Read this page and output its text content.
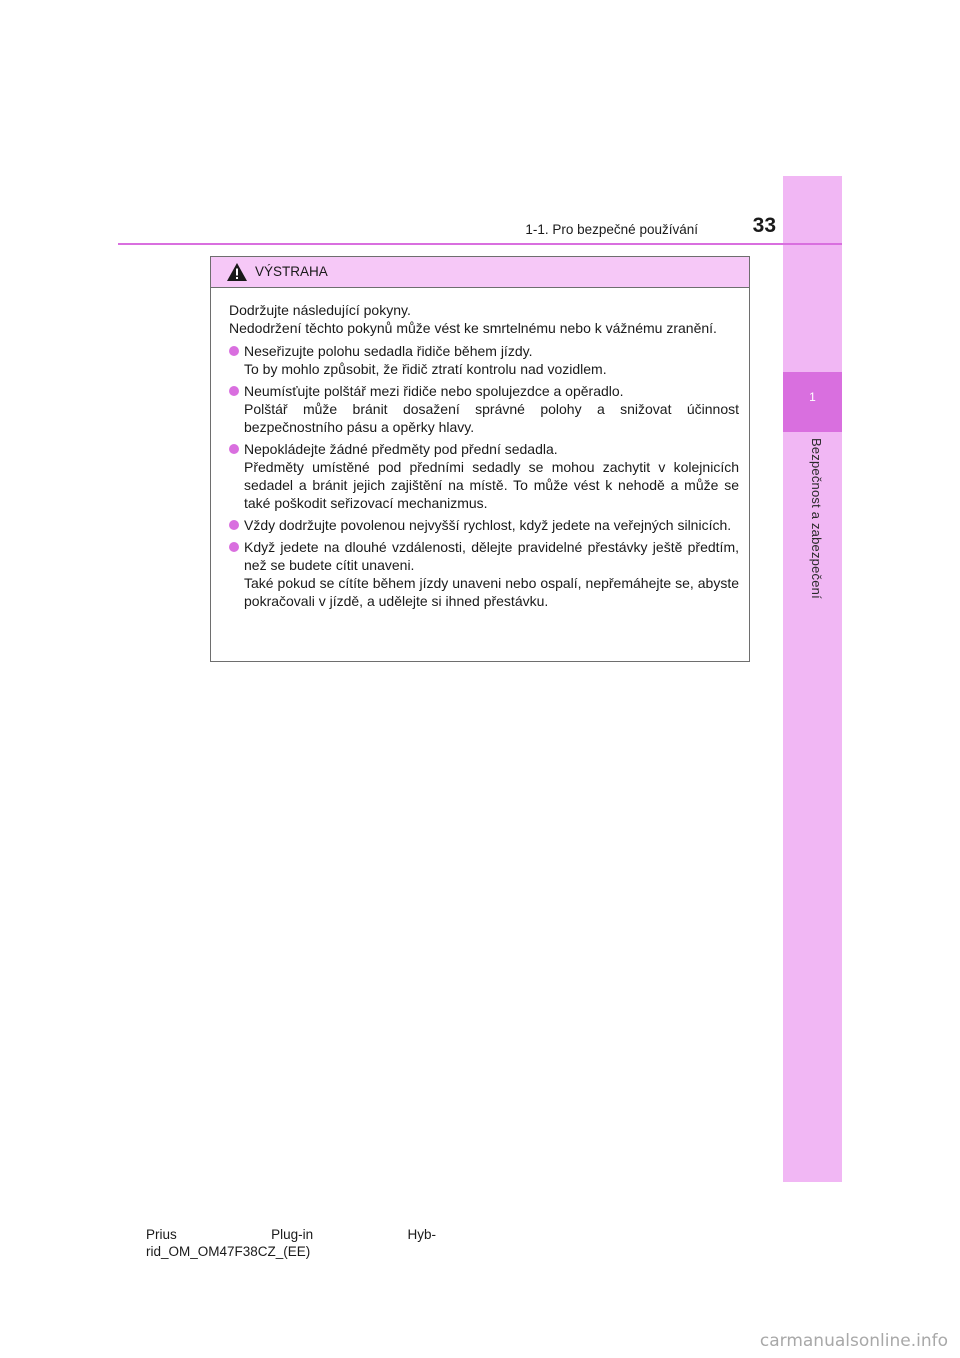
1
Bezpečnost a zabezpečení
1-1. Pro bezpečné používání	33
VÝSTRAHA

Dodržujte následující pokyny.

Nedodržení těchto pokynů může vést ke smrtelnému nebo k vážnému zranění.

Neseřizujte polohu sedadla řidiče během jízdy.

To by mohlo způsobit, že řidič ztratí kontrolu nad vozidlem.

Neumísťujte polštář mezi řidiče nebo spolujezdce a opěradlo.

Polštář může bránit dosažení správné polohy a snižovat účinnost bezpečnostního pásu a opěrky hlavy.

Nepokládejte žádné předměty pod přední sedadla.

Předměty umístěné pod předními sedadly se mohou zachytit v kolejnicích sedadel a bránit jejich zajištění na místě. To může vést k nehodě a může se také poškodit seřizovací mechanizmus.

Vždy dodržujte povolenou nejvyšší rychlost, když jedete na veřejných silnicích.

Když jedete na dlouhé vzdálenosti, dělejte pravidelné přestávky ještě předtím, než se budete cítit unaveni.

Také pokud se cítíte během jízdy unaveni nebo ospalí, nepřemáhejte se, abyste pokračovali v jízdě, a udělejte si ihned přestávku.

Prius	Plug-in	Hyb-
rid_OM_OM47F38CZ_(EE)
carmanualsonline.info
